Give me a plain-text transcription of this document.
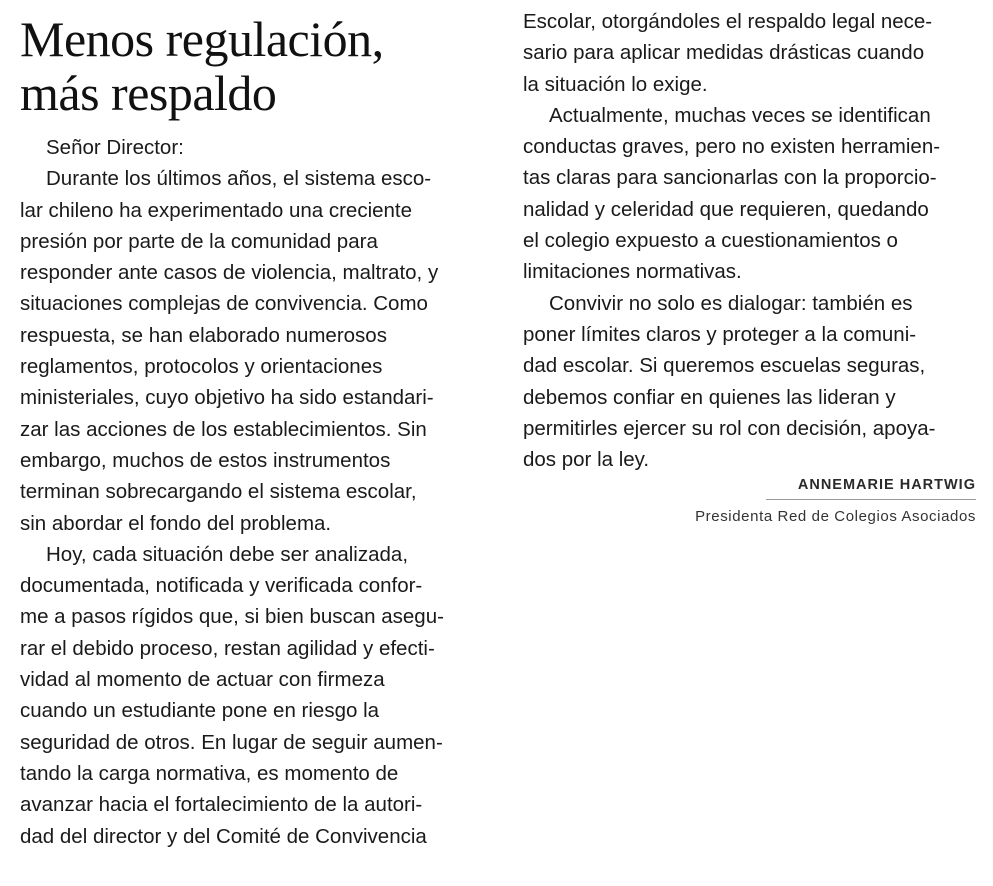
Menos regulación,
más respaldo

Señor Director:

Durante los últimos años, el sistema esco-
lar chileno ha experimentado una creciente
presión por parte de la comunidad para
responder ante casos de violencia, maltrato, y
situaciones complejas de convivencia. Como
respuesta, se han elaborado numerosos
reglamentos, protocolos y orientaciones
ministeriales, cuyo objetivo ha sido estandari-
zar las acciones de los establecimientos. Sin
embargo, muchos de estos instrumentos
terminan sobrecargando el sistema escolar,
sin abordar el fondo del problema.

Hoy, cada situación debe ser analizada,
documentada, notificada y verificada confor-
me a pasos rígidos que, si bien buscan asegu-
rar el debido proceso, restan agilidad y efecti-
vidad al momento de actuar con firmeza
cuando un estudiante pone en riesgo la
seguridad de otros. En lugar de seguir aumen-
tando la carga normativa, es momento de
avanzar hacia el fortalecimiento de la autori-
dad del director y del Comité de Convivencia

Escolar, otorgándoles el respaldo legal nece-
sario para aplicar medidas drásticas cuando
la situación lo exige.

Actualmente, muchas veces se identifican
conductas graves, pero no existen herramien-
tas claras para sancionarlas con la proporcio-
nalidad y celeridad que requieren, quedando
el colegio expuesto a cuestionamientos o
limitaciones normativas.

Convivir no solo es dialogar: también es
poner límites claros y proteger a la comuni-
dad escolar. Si queremos escuelas seguras,
debemos confiar en quienes las lideran y
permitirles ejercer su rol con decisión, apoya-
dos por la ley.

ANNEMARIE HARTWIG
Presidenta Red de Colegios Asociados
